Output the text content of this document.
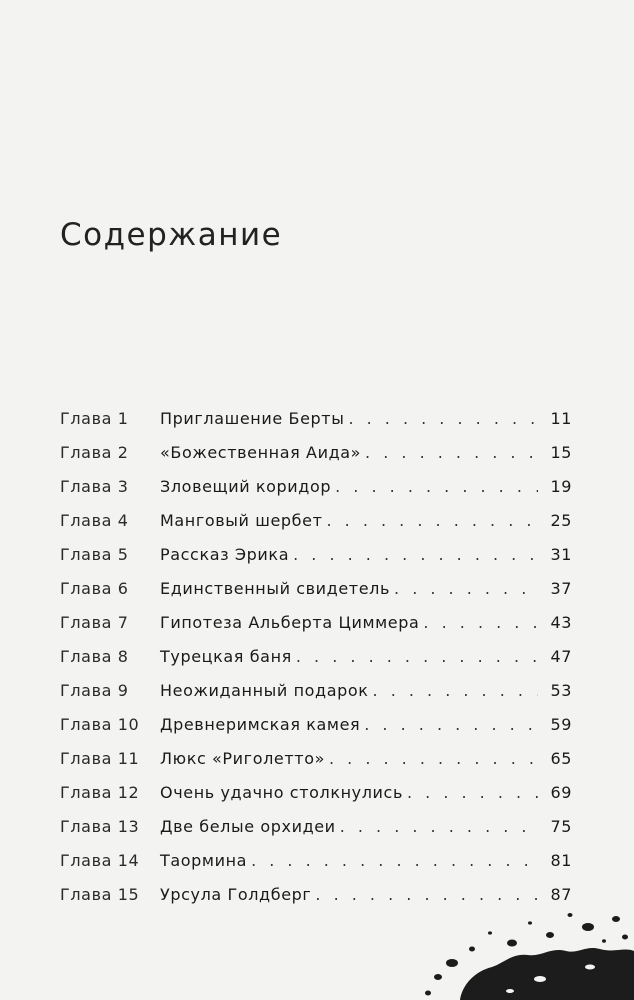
Содержание
Глава 1	Приглашение Берты . . .	11
Глава 2	«Божественная Аида» . . .	15
Глава 3	Зловещий коридор . . .	19
Глава 4	Манговый шербет . . .	25
Глава 5	Рассказ Эрика . . .	31
Глава 6	Единственный свидетель . . .	37
Глава 7	Гипотеза Альберта Циммера . . .	43
Глава 8	Турецкая баня . . .	47
Глава 9	Неожиданный подарок . . .	53
Глава 10	Древнеримская камея . . .	59
Глава 11	Люкс «Риголетто» . . .	65
Глава 12	Очень удачно столкнулись . . .	69
Глава 13	Две белые орхидеи . . .	75
Глава 14	Таормина . . .	81
Глава 15	Урсула Голдберг . . .	87
